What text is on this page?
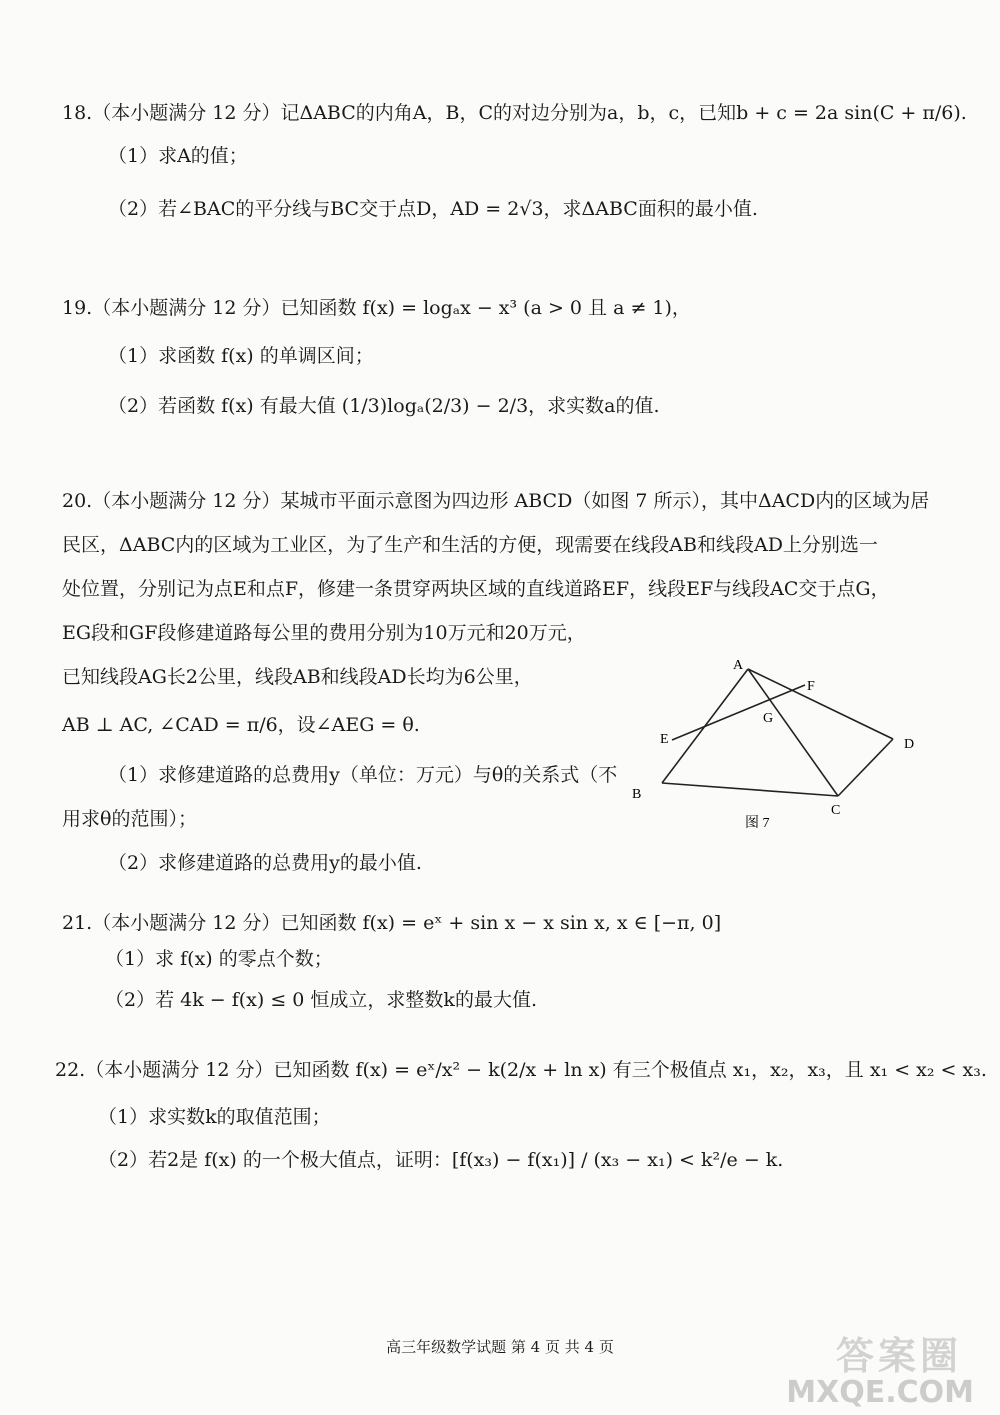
18.（本小题满分 12 分）记ΔABC的内角A，B，C的对边分别为a，b，c，已知b + c = 2a sin(C + π/6).
（1）求A的值；
（2）若∠BAC的平分线与BC交于点D，AD = 2√3，求ΔABC面积的最小值.
19.（本小题满分 12 分）已知函数 f(x) = logₐx − x³ (a > 0 且 a ≠ 1)，
（1）求函数 f(x) 的单调区间；
（2）若函数 f(x) 有最大值 (1/3)logₐ(2/3) − 2/3，求实数a的值.
20.（本小题满分 12 分）某城市平面示意图为四边形 ABCD（如图 7 所示），其中ΔACD内的区域为居
民区，ΔABC内的区域为工业区，为了生产和生活的方便，现需要在线段AB和线段AD上分别选一
处位置，分别记为点E和点F，修建一条贯穿两块区域的直线道路EF，线段EF与线段AC交于点G，
EG段和GF段修建道路每公里的费用分别为10万元和20万元，
已知线段AG长2公里，线段AB和线段AD长均为6公里，
AB ⊥ AC, ∠CAD = π/6，设∠AEG = θ.
（1）求修建道路的总费用y（单位：万元）与θ的关系式（不
用求θ的范围）；
（2）求修建道路的总费用y的最小值.
A
B
C
D
E
F
G
图 7
21.（本小题满分 12 分）已知函数 f(x) = eˣ + sin x − x sin x, x ∈ [−π, 0]
（1）求 f(x) 的零点个数；
（2）若 4k − f(x) ≤ 0 恒成立，求整数k的最大值.
22.（本小题满分 12 分）已知函数 f(x) = eˣ/x² − k(2/x + ln x) 有三个极值点 x₁，x₂，x₃，且 x₁ < x₂ < x₃.
（1）求实数k的取值范围；
（2）若2是 f(x) 的一个极大值点，证明：[f(x₃) − f(x₁)] / (x₃ − x₁) < k²/e − k.
高三年级数学试题 第 4 页 共 4 页	答案圈
MXQE.COM
